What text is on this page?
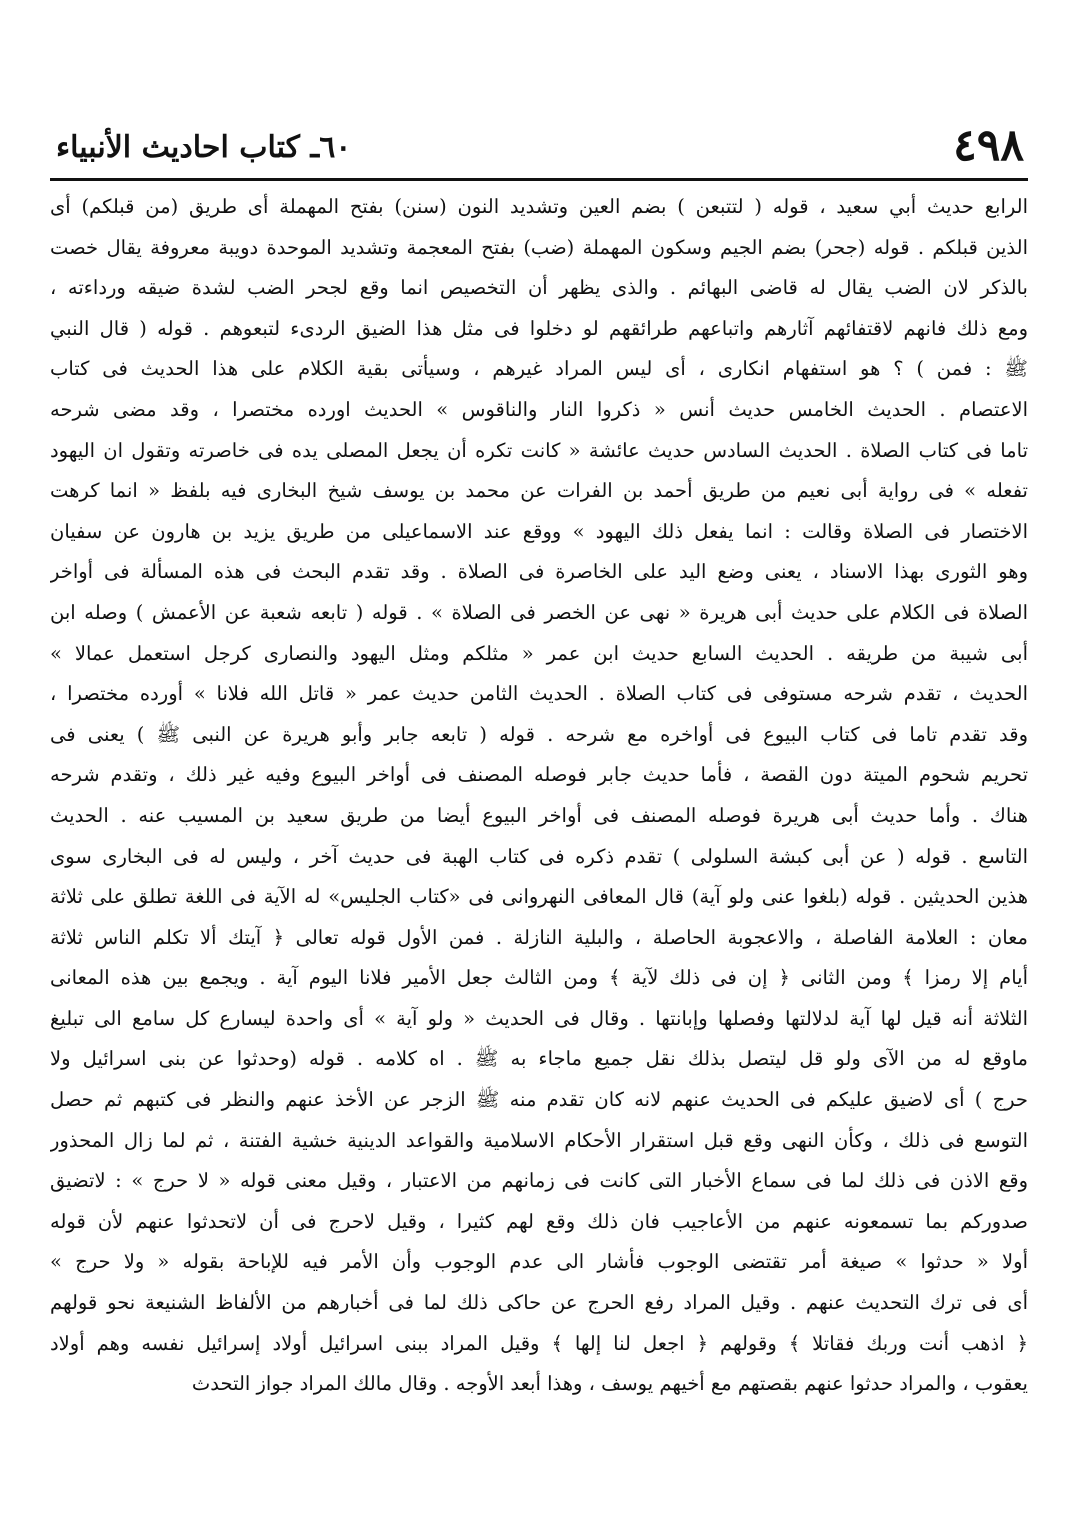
٤٩٨
٦٠ـ كتاب احاديث الأنبياء
الرابع حديث أبي سعيد ، قوله ( لتتبعن ) بضم العين وتشديد النون (سنن) بفتح المهملة أى طريق (من قبلكم) أى
الذين قبلكم . قوله (جحر) بضم الجيم وسكون المهملة (ضب) بفتح المعجمة وتشديد الموحدة دويبة معروفة يقال خصت
بالذكر لان الضب يقال له قاضى البهائم . والذى يظهر أن التخصيص انما وقع لجحر الضب لشدة ضيقه ورداءته ،
ومع ذلك فانهم لاقتفائهم آثارهم واتباعهم طرائقهم لو دخلوا فى مثل هذا الضيق الردىء لتبعوهم . قوله ( قال النبي
ﷺ : فمن ) ؟ هو استفهام انكارى ، أى ليس المراد غيرهم ، وسيأتى بقية الكلام على هذا الحديث فى كتاب
الاعتصام . الحديث الخامس حديث أنس « ذكروا النار والناقوس » الحديث اورده مختصرا ، وقد مضى شرحه
تاما فى كتاب الصلاة . الحديث السادس حديث عائشة « كانت تكره أن يجعل المصلى يده فى خاصرته وتقول ان اليهود
تفعله » فى رواية أبى نعيم من طريق أحمد بن الفرات عن محمد بن يوسف شيخ البخارى فيه بلفظ « انما كرهت
الاختصار فى الصلاة وقالت : انما يفعل ذلك اليهود » ووقع عند الاسماعيلى من طريق يزيد بن هارون عن سفيان
وهو الثورى بهذا الاسناد ، يعنى وضع اليد على الخاصرة فى الصلاة . وقد تقدم البحث فى هذه المسألة فى أواخر
الصلاة فى الكلام على حديث أبى هريرة « نهى عن الخصر فى الصلاة » . قوله ( تابعه شعبة عن الأعمش ) وصله ابن
أبى شيبة من طريقه . الحديث السابع حديث ابن عمر « مثلكم ومثل اليهود والنصارى كرجل استعمل عمالا »
الحديث ، تقدم شرحه مستوفى فى كتاب الصلاة . الحديث الثامن حديث عمر « قاتل الله فلانا » أورده مختصرا ،
وقد تقدم تاما فى كتاب البيوع فى أواخره مع شرحه . قوله ( تابعه جابر وأبو هريرة عن النبى ﷺ ) يعنى فى
تحريم شحوم الميتة دون القصة ، فأما حديث جابر فوصله المصنف فى أواخر البيوع وفيه غير ذلك ، وتقدم شرحه
هناك . وأما حديث أبى هريرة فوصله المصنف فى أواخر البيوع أيضا من طريق سعيد بن المسيب عنه . الحديث
التاسع . قوله ( عن أبى كبشة السلولى ) تقدم ذكره فى كتاب الهبة فى حديث آخر ، وليس له فى البخارى سوى
هذين الحديثين . قوله (بلغوا عنى ولو آية) قال المعافى النهروانى فى «كتاب الجليس» له الآية فى اللغة تطلق على ثلاثة
معان : العلامة الفاصلة ، والاعجوبة الحاصلة ، والبلية النازلة . فمن الأول قوله تعالى ﴿ آيتك ألا تكلم الناس ثلاثة
أيام إلا رمزا ﴾ ومن الثانى ﴿ إن فى ذلك لآية ﴾ ومن الثالث جعل الأمير فلانا اليوم آية . ويجمع بين هذه المعانى
الثلاثة أنه قيل لها آية لدلالتها وفصلها وإبانتها . وقال فى الحديث « ولو آية » أى واحدة ليسارع كل سامع الى تبليغ
ماوقع له من الآى ولو قل ليتصل بذلك نقل جميع ماجاء به ﷺ . اه كلامه . قوله (وحدثوا عن بنى اسرائيل ولا
حرج ) أى لاضيق عليكم فى الحديث عنهم لانه كان تقدم منه ﷺ الزجر عن الأخذ عنهم والنظر فى كتبهم ثم حصل
التوسع فى ذلك ، وكأن النهى وقع قبل استقرار الأحكام الاسلامية والقواعد الدينية خشية الفتنة ، ثم لما زال المحذور
وقع الاذن فى ذلك لما فى سماع الأخبار التى كانت فى زمانهم من الاعتبار ، وقيل معنى قوله « لا حرج » : لاتضيق
صدوركم بما تسمعونه عنهم من الأعاجيب فان ذلك وقع لهم كثيرا ، وقيل لاحرج فى أن لاتحدثوا عنهم لأن قوله
أولا « حدثوا » صيغة أمر تقتضى الوجوب فأشار الى عدم الوجوب وأن الأمر فيه للإباحة بقوله « ولا حرج »
أى فى ترك التحديث عنهم . وقيل المراد رفع الحرج عن حاكى ذلك لما فى أخبارهم من الألفاظ الشنيعة نحو قولهم
﴿ اذهب أنت وربك فقاتلا ﴾ وقولهم ﴿ اجعل لنا إلها ﴾ وقيل المراد ببنى اسرائيل أولاد إسرائيل نفسه وهم أولاد
يعقوب ، والمراد حدثوا عنهم بقصتهم مع أخيهم يوسف ، وهذا أبعد الأوجه . وقال مالك المراد جواز التحدث
